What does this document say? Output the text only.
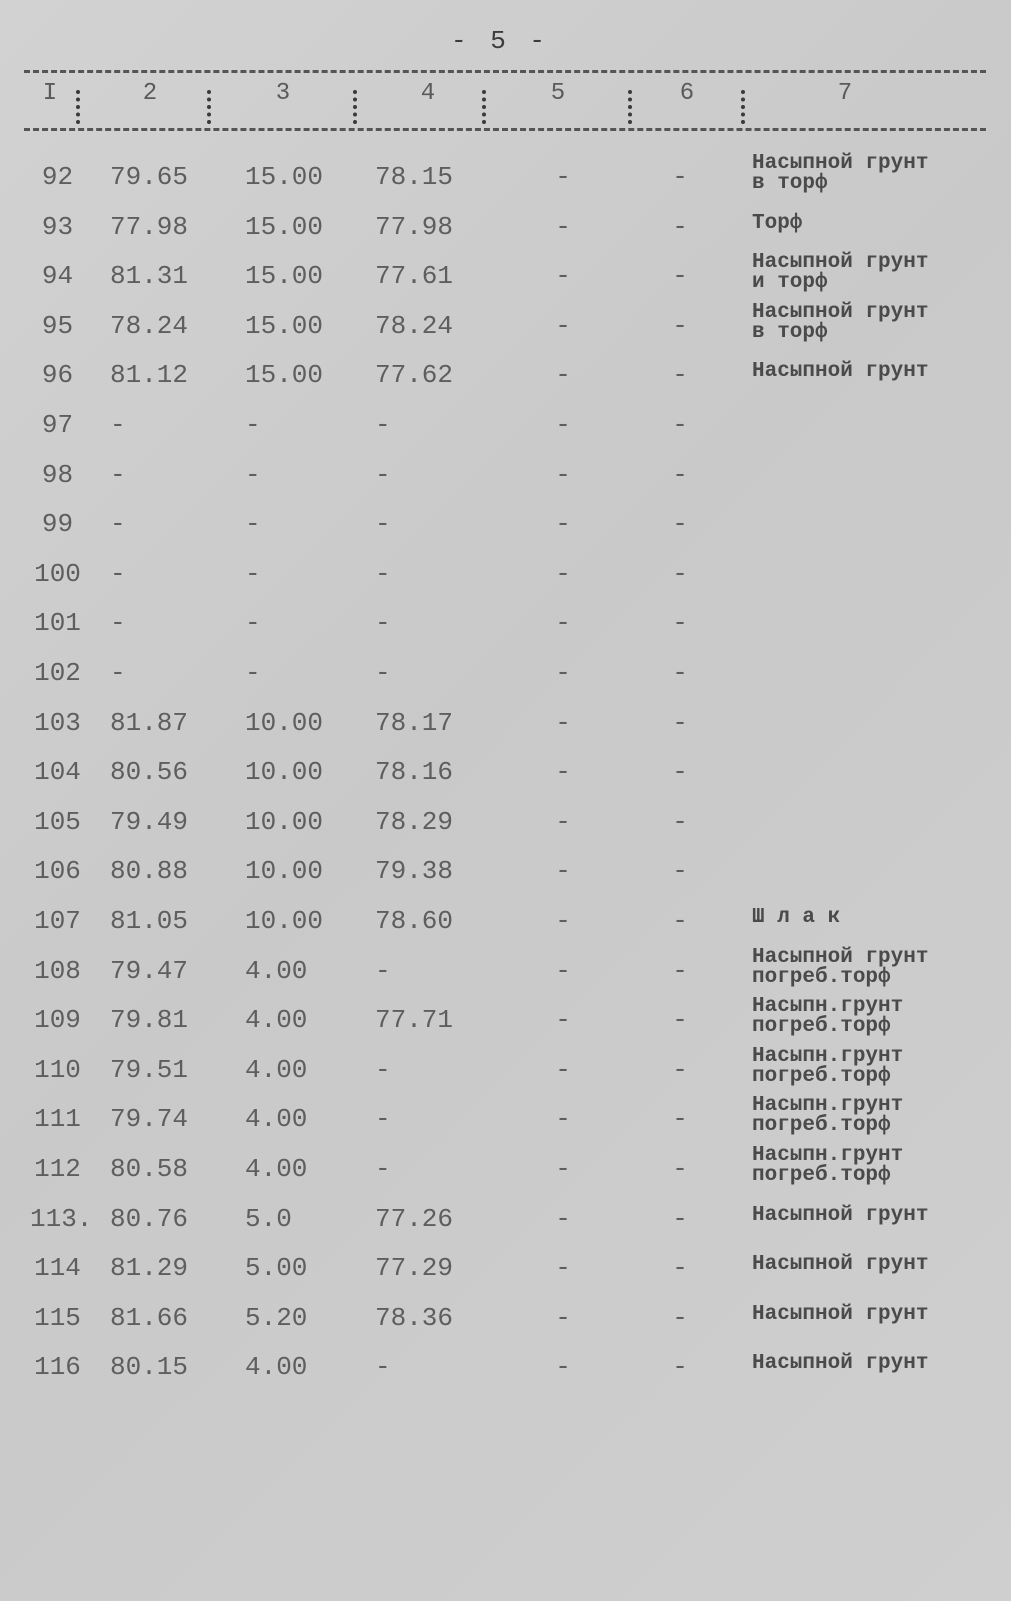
- 5 -
I	2	3	4	5	6	7
92	79.65	15.00	78.15	-	-	Насыпной грунт
в торф
93	77.98	15.00	77.98	-	-	Торф
94	81.31	15.00	77.61	-	-	Насыпной грунт
и торф
95	78.24	15.00	78.24	-	-	Насыпной грунт
в торф
96	81.12	15.00	77.62	-	-	Насыпной грунт
97	-	-	-	-	-
98	-	-	-	-	-
99	-	-	-	-	-
100 -	-	-	-	-
101 -	-	-	-	-
102 -	-	-	-	-
103 81.87	10.00	78.17	-	-
104 80.56	10.00	78.16	-	-
105 79.49	10.00	78.29	-	-
106 80.88	10.00	79.38	-	-
107 81.05	10.00	78.60	-	-	Ш л а к
108 79.47	4.00	-	-	-	Насыпной грунт
погреб.торф
109 79.81	4.00	77.71	-	-	Насыпн.грунт
погреб.торф
110 79.51	4.00	-	-	-	Насыпн.грунт
погреб.торф
111 79.74	4.00	-	-	-	Насыпн.грунт
погреб.торф
112 80.58	4.00	-	-	-	Насыпн.грунт
погреб.торф
113. 80.76	5.0	77.26	-	-	Насыпной грунт
114 81.29	5.00	77.29	-	-	Насыпной грунт
115 81.66	5.20	78.36	-	-	Насыпной грунт
116 80.15	4.00	-	-	-	Насыпной грунт
